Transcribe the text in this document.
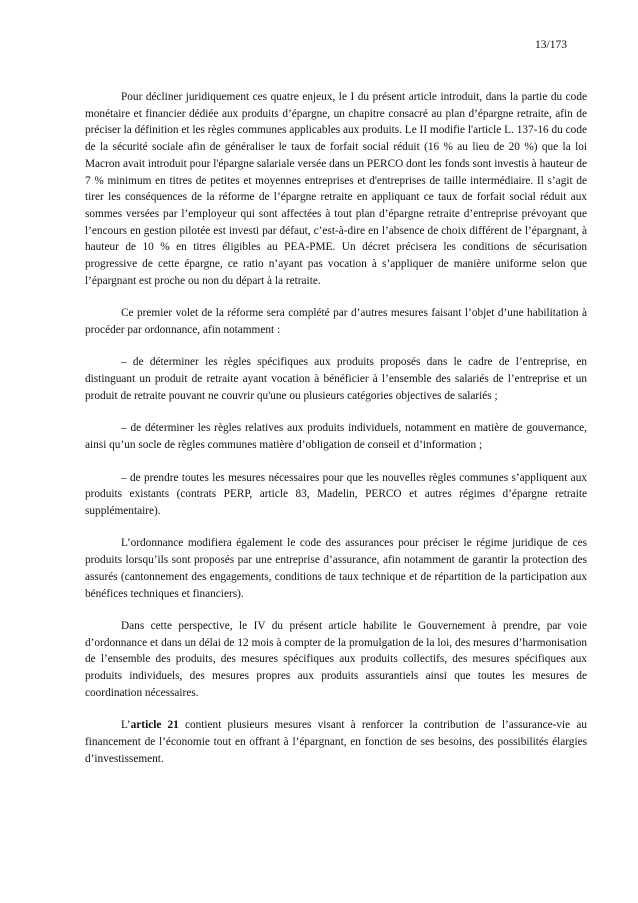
13/173

Pour décliner juridiquement ces quatre enjeux, le I du présent article introduit, dans la partie du code monétaire et financier dédiée aux produits d’épargne, un chapitre consacré au plan d’épargne retraite, afin de préciser la définition et les règles communes applicables aux produits. Le II modifie l'article L. 137-16 du code de la sécurité sociale afin de généraliser le taux de forfait social réduit (16 % au lieu de 20 %) que la loi Macron avait introduit pour l'épargne salariale versée dans un PERCO dont les fonds sont investis à hauteur de 7 % minimum en titres de petites et moyennes entreprises et d'entreprises de taille intermédiaire. Il s’agit de tirer les conséquences de la réforme de l’épargne retraite en appliquant ce taux de forfait social réduit aux sommes versées par l’employeur qui sont affectées à tout plan d’épargne retraite d’entreprise prévoyant que l’encours en gestion pilotée est investi par défaut, c’est-à-dire en l’absence de choix différent de l’épargnant, à hauteur de 10 % en titres éligibles au PEA-PME. Un décret précisera les conditions de sécurisation progressive de cette épargne, ce ratio n’ayant pas vocation à s’appliquer de manière uniforme selon que l’épargnant est proche ou non du départ à la retraite.

Ce premier volet de la réforme sera complété par d’autres mesures faisant l’objet d’une habilitation à procéder par ordonnance, afin notamment :

– de déterminer les règles spécifiques aux produits proposés dans le cadre de l’entreprise, en distinguant un produit de retraite ayant vocation à bénéficier à l’ensemble des salariés de l’entreprise et un produit de retraite pouvant ne couvrir qu'une ou plusieurs catégories objectives de salariés ;

– de déterminer les règles relatives aux produits individuels, notamment en matière de gouvernance, ainsi qu’un socle de règles communes matière d’obligation de conseil et d’information ;

– de prendre toutes les mesures nécessaires pour que les nouvelles règles communes s’appliquent aux produits existants (contrats PERP, article 83, Madelin, PERCO et autres régimes d’épargne retraite supplémentaire).

L’ordonnance modifiera également le code des assurances pour préciser le régime juridique de ces produits lorsqu’ils sont proposés par une entreprise d’assurance, afin notamment de garantir la protection des assurés (cantonnement des engagements, conditions de taux technique et de répartition de la participation aux bénéfices techniques et financiers).

Dans cette perspective, le IV du présent article habilite le Gouvernement à prendre, par voie d’ordonnance et dans un délai de 12 mois à compter de la promulgation de la loi, des mesures d’harmonisation de l’ensemble des produits, des mesures spécifiques aux produits collectifs, des mesures spécifiques aux produits individuels, des mesures propres aux produits assurantiels ainsi que toutes les mesures de coordination nécessaires.

L’article 21 contient plusieurs mesures visant à renforcer la contribution de l’assurance-vie au financement de l’économie tout en offrant à l’épargnant, en fonction de ses besoins, des possibilités élargies d’investissement.
